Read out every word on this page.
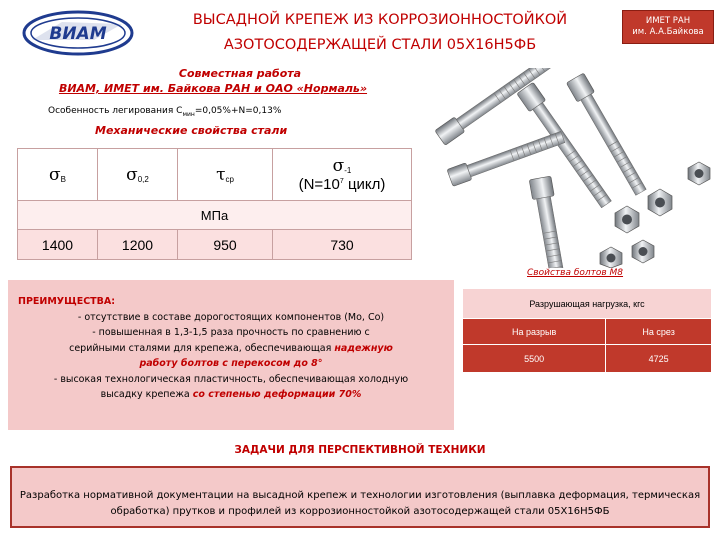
ВИАМ
ВЫСАДНОЙ КРЕПЕЖ ИЗ КОРРОЗИОННОСТОЙКОЙ
АЗОТОСОДЕРЖАЩЕЙ СТАЛИ 05Х16Н5ФБ
ИМЕТ РАН
им. А.А.Байкова
Совместная работа
ВИАМ, ИМЕТ им. Байкова РАН и ОАО «Нормаль»
Особенность легирования $С_{мин}=0,05\%+N=0,13\%$
Механические свойства стали
$\sigma_В$	$\sigma_{0,2}$	$\tau_{ср}$	$\sigma_{-1}$
($N=10^7$ цикл)

МПа			
1400	1200	950	730
Свойства болтов М8
ПРЕИМУЩЕСТВА:
- отсутствие в составе дорогостоящих компонентов (Mo, Co)
- повышенная в 1,3-1,5 раза прочность по сравнению с
серийными сталями для крепежа, обеспечивающая надежную
работу болтов с перекосом до 8°
- высокая технологическая пластичность, обеспечивающая холодную
высадку крепежа со степенью деформации 70%
Разрушающая нагрузка, кгс	
На разрыв	На срез
5500	4725
ЗАДАЧИ ДЛЯ ПЕРСПЕКТИВНОЙ ТЕХНИКИ
Разработка нормативной документации на высадной крепеж и технологии изготовления (выплавка деформация, термическая обработка) прутков и профилей из коррозионностойкой азотосодержащей стали 05Х16Н5ФБ
